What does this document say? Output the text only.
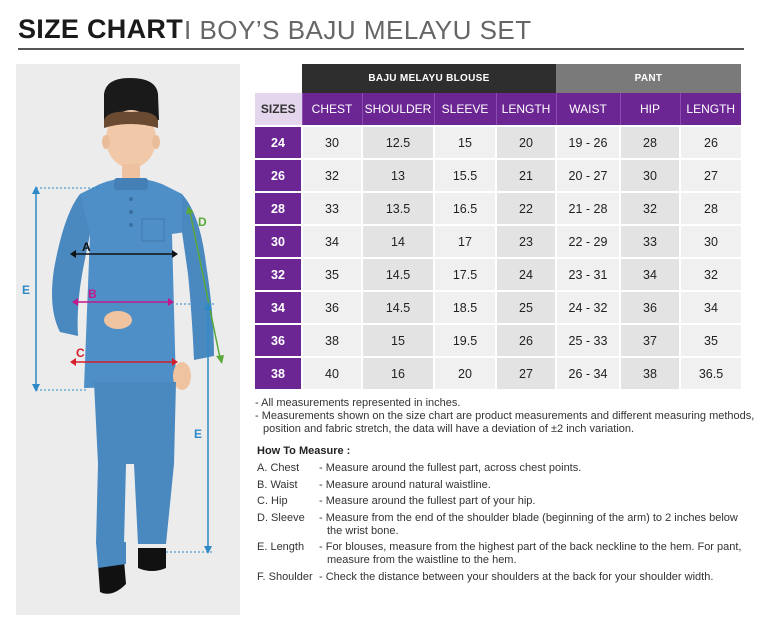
SIZE CHART I BOY’S BAJU MELAYU SET
A
B
C
D
E
E
	BAJU MELAYU BLOUSE				PANT		
SIZES	CHEST	SHOULDER	SLEEVE	LENGTH	WAIST	HIP	LENGTH
24	30	12.5	15	20	19 - 26	28	26
26	32	13	15.5	21	20 - 27	30	27
28	33	13.5	16.5	22	21 - 28	32	28
30	34	14	17	23	22 - 29	33	30
32	35	14.5	17.5	24	23 - 31	34	32
34	36	14.5	18.5	25	24 - 32	36	34
36	38	15	19.5	26	25 - 33	37	35
38	40	16	20	27	26 - 34	38	36.5
- All measurements represented in inches.
- Measurements shown on the size chart are product measurements and different measuring methods, position and fabric stretch, the data will have a deviation of ±2 inch variation.
How To Measure :
A. Chest	- Measure around the fullest part, across chest points.
B. Waist	- Measure around natural waistline.
C. Hip	- Measure around the fullest part of your hip.
D. Sleeve	- Measure from the end of the shoulder blade (beginning of the arm) to 2 inches below the wrist bone.
E. Length	- For blouses, measure from the highest part of the back neckline to the hem. For pant, measure from the waistline to the hem.
F. Shoulder - Check the distance between your shoulders at the back for your shoulder width.
